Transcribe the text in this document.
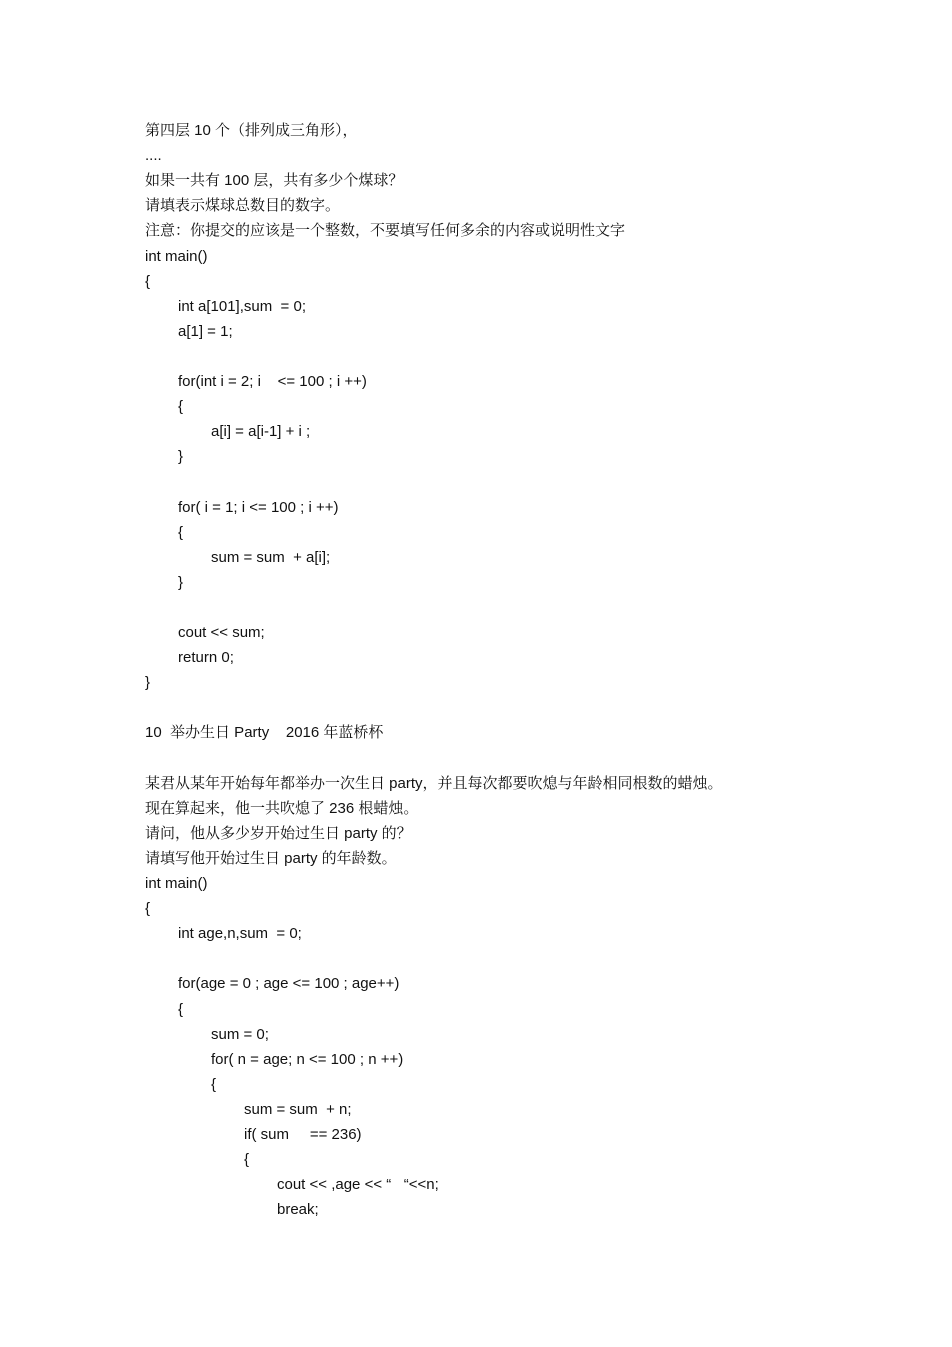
第四层 10 个（排列成三角形），
....
如果一共有 100 层，共有多少个煤球？
请填表示煤球总数目的数字。
注意：你提交的应该是一个整数，不要填写任何多余的内容或说明性文字
int main()
{
int a[101],sum  = 0;
a[1] = 1;
for(int i = 2; i    <= 100 ; i ++)
{
a[i] = a[i-1] + i ;
}
for( i = 1; i <= 100 ; i ++)
{
sum = sum  + a[i];
}
cout << sum;
return 0;
}
10  举办生日 Party    2016 年蓝桥杯
某君从某年开始每年都举办一次生日 party，并且每次都要吹熄与年龄相同根数的蜡烛。
现在算起来，他一共吹熄了 236 根蜡烛。
请问，他从多少岁开始过生日 party 的？
请填写他开始过生日 party 的年龄数。
int main()
{
int age,n,sum  = 0;
for(age = 0 ; age <= 100 ; age++)
{
sum = 0;
for( n = age; n <= 100 ; n ++)
{
sum = sum  + n;
if( sum     == 236)
{
cout << ,age << “   “<<n;
break;
